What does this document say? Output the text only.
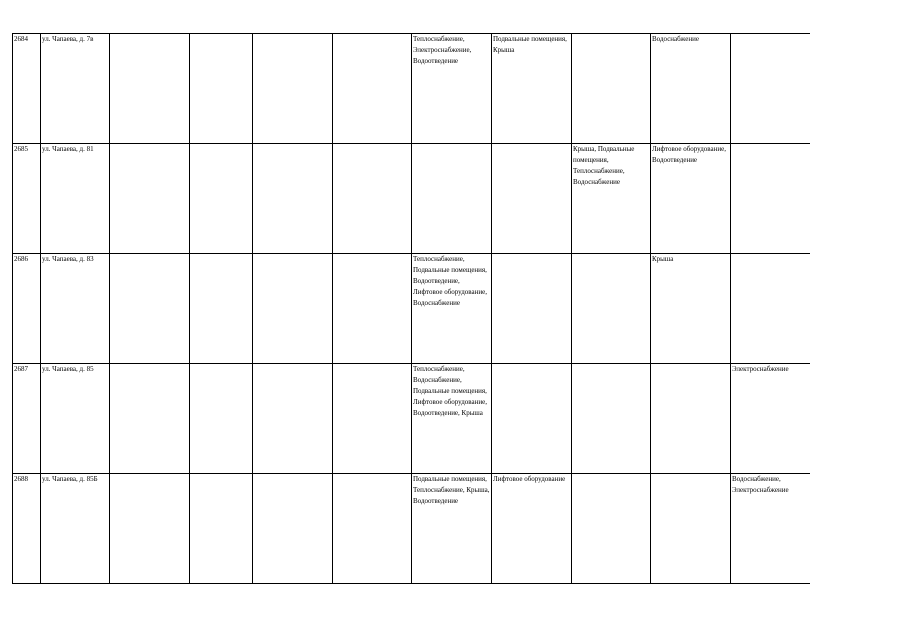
2684	ул. Чапаева, д. 7в					Теплоснабжение, Электроснабжение, Водоотведение	Подвальные помещения, Крыша		Водоснабжение	
2685	ул. Чапаева, д. 81							Крыша, Подвальные помещения, Теплоснабжение, Водоснабжение	Лифтовое оборудование, Водоотведение	
2686	ул. Чапаева, д. 83					Теплоснабжение, Подвальные помещения, Водоотведение, Лифтовое оборудование, Водоснабжение			Крыша	
2687	ул. Чапаева, д. 85					Теплоснабжение, Водоснабжение, Подвальные помещения, Лифтовое оборудование, Водоотведение, Крыша				Электроснабжение
2688	ул. Чапаева, д. 85Б					Подвальные помещения, Теплоснабжение, Крыша, Водоотведение	Лифтовое оборудование			Водоснабжение, Электроснабжение
